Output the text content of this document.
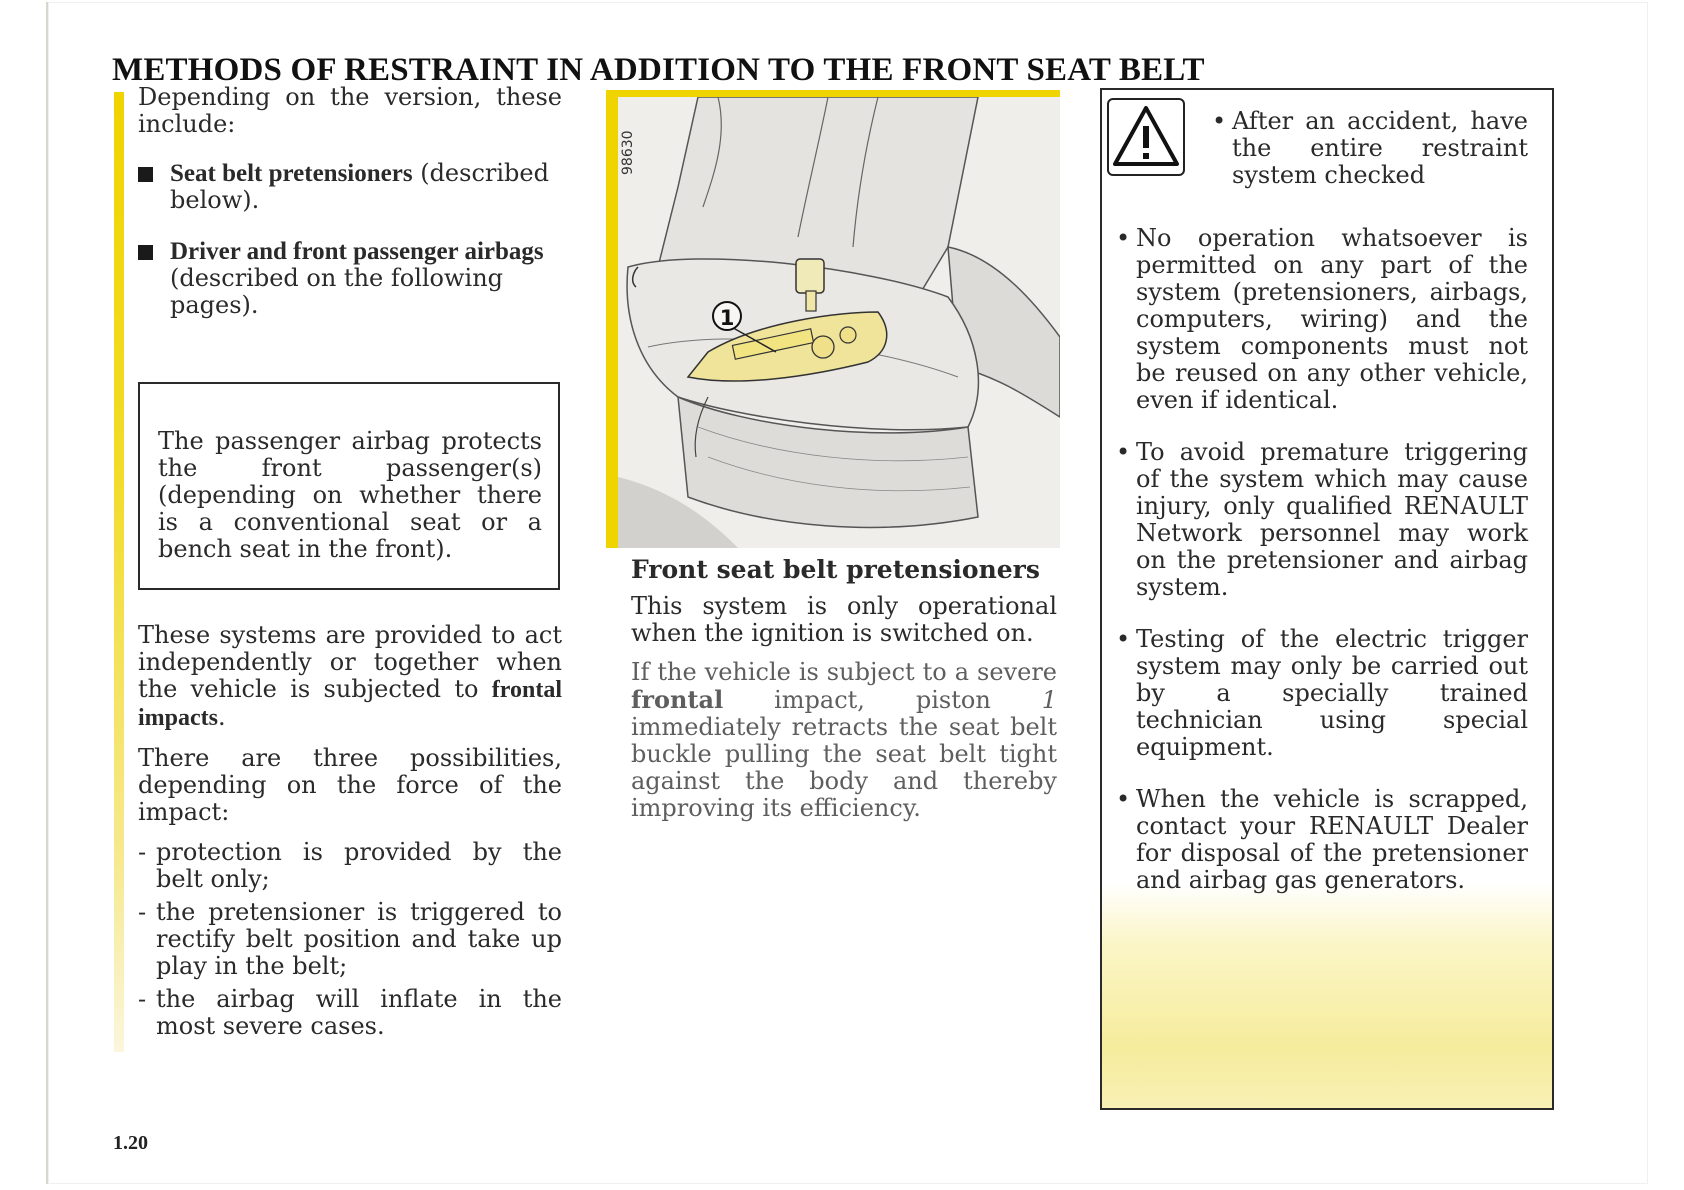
METHODS OF RESTRAINT IN ADDITION TO THE FRONT SEAT BELT

Depending on the version, these include:

Seat belt pretensioners (described below).
Driver and front passenger airbags (described on the following pages).

The passenger airbag protects the front passenger(s) (depending on whether there is a conventional seat or a bench seat in the front).

These systems are provided to act independently or together when the vehicle is subjected to frontal impacts.

There are three possibilities, depending on the force of the impact:

- protection is provided by the belt only;
- the pretensioner is triggered to rectify belt position and take up play in the belt;
- the airbag will inflate in the most severe cases.
1.20
98630
1
Front seat belt pretensioners

This system is only operational when the ignition is switched on.

If the vehicle is subject to a severe frontal impact, piston 1 immediately retracts the seat belt buckle pulling the seat belt tight against the body and thereby improving its efficiency.

• After an accident, have the entire restraint system checked
• No operation whatsoever is permitted on any part of the system (pretensioners, airbags, computers, wiring) and the system components must not be reused on any other vehicle, even if identical.
• To avoid premature triggering of the system which may cause injury, only qualified RENAULT Network personnel may work on the pretensioner and airbag system.
• Testing of the electric trigger system may only be carried out by a specially trained technician using special equipment.
• When the vehicle is scrapped, contact your RENAULT Dealer for disposal of the pretensioner and airbag gas generators.
